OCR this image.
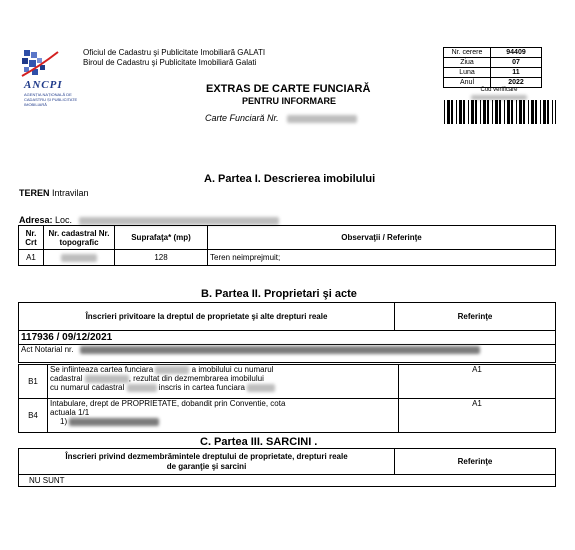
ANCPI
AGENȚIA NAȚIONALĂ DE CADASTRU ȘI PUBLICITATE IMOBILIARĂ
Oficiul de Cadastru şi Publicitate Imobiliară GALATI
Biroul de Cadastru şi Publicitate Imobiliară Galati
Nr. cerere	94409
Ziua	07
Luna	11
Anul	2022
Cod verificare
EXTRAS DE CARTE FUNCIARĂ
PENTRU INFORMARE
Carte Funciară Nr.
A. Partea I. Descrierea imobilului
TEREN Intravilan
Adresa: Loc.
Nr. Crt	Nr. cadastral Nr. topografic	Suprafaţa* (mp)	Observaţii / Referinţe
A1		128	Teren neimprejmuit;
B. Partea II. Proprietari şi acte
Înscrieri privitoare la dreptul de proprietate şi alte drepturi reale	Referinţe
117936 / 09/12/2021
Act Notarial nr.
B1	Se infiinteaza cartea funciara a imobilului cu numarul
cadastral , rezultat din dezmembrarea imobilului
cu numarul cadastral inscris in cartea funciara	A1
B4	Intabulare, drept de PROPRIETATE, dobandit prin Conventie, cota
actuala 1/1
1)	A1
C. Partea III. SARCINI .
Înscrieri privind dezmembrămintele dreptului de proprietate, drepturi reale
de garanţie şi sarcini	Referinţe
NU SUNT
